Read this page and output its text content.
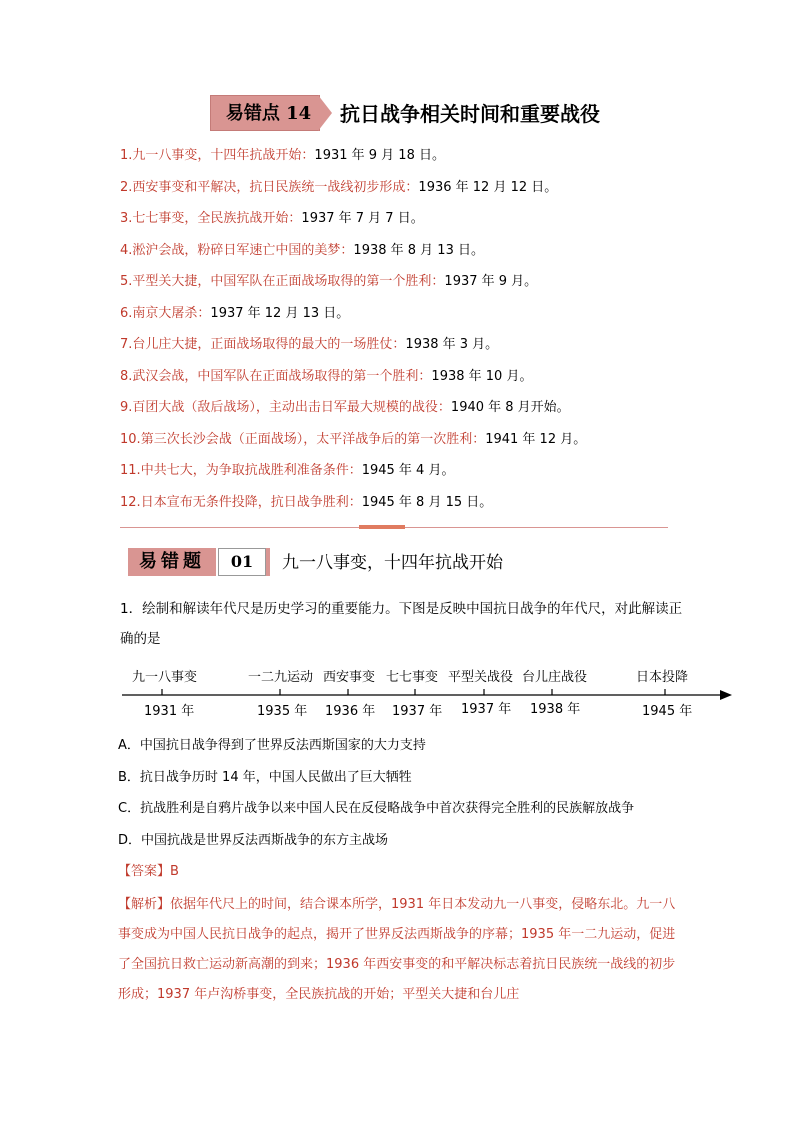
易错点 14	抗日战争相关时间和重要战役
1.九一八事变，十四年抗战开始：1931 年 9 月 18 日。
2.西安事变和平解决，抗日民族统一战线初步形成：1936 年 12 月 12 日。
3.七七事变，全民族抗战开始：1937 年 7 月 7 日。
4.淞沪会战，粉碎日军速亡中国的美梦：1938 年 8 月 13 日。
5.平型关大捷，中国军队在正面战场取得的第一个胜利：1937 年 9 月。
6.南京大屠杀：1937 年 12 月 13 日。
7.台儿庄大捷，正面战场取得的最大的一场胜仗：1938 年 3 月。
8.武汉会战，中国军队在正面战场取得的第一个胜利：1938 年 10 月。
9.百团大战（敌后战场），主动出击日军最大规模的战役：1940 年 8 月开始。
10.第三次长沙会战（正面战场），太平洋战争后的第一次胜利：1941 年 12 月。
11.中共七大，为争取抗战胜利准备条件：1945 年 4 月。
12.日本宣布无条件投降，抗日战争胜利：1945 年 8 月 15 日。
易错题	01	九一八事变，十四年抗战开始
1．绘制和解读年代尺是历史学习的重要能力。下图是反映中国抗日战争的年代尺，对此解读正确的是
九一八事变	一二九运动 西安事变 七七事变 平型关战役 台儿庄战役	日本投降
1931 年	1935 年 1936 年 1937 年 1937 年 1938 年	1945 年
A．中国抗日战争得到了世界反法西斯国家的大力支持
B．抗日战争历时 14 年，中国人民做出了巨大牺牲
C．抗战胜利是自鸦片战争以来中国人民在反侵略战争中首次获得完全胜利的民族解放战争
D．中国抗战是世界反法西斯战争的东方主战场
【答案】B
【解析】依据年代尺上的时间，结合课本所学，1931 年日本发动九一八事变，侵略东北。九一八事变成为中国人民抗日战争的起点，揭开了世界反法西斯战争的序幕；1935 年一二九运动，促进了全国抗日救亡运动新高潮的到来；1936 年西安事变的和平解决标志着抗日民族统一战线的初步形成；1937 年卢沟桥事变，全民族抗战的开始；平型关大捷和台儿庄
